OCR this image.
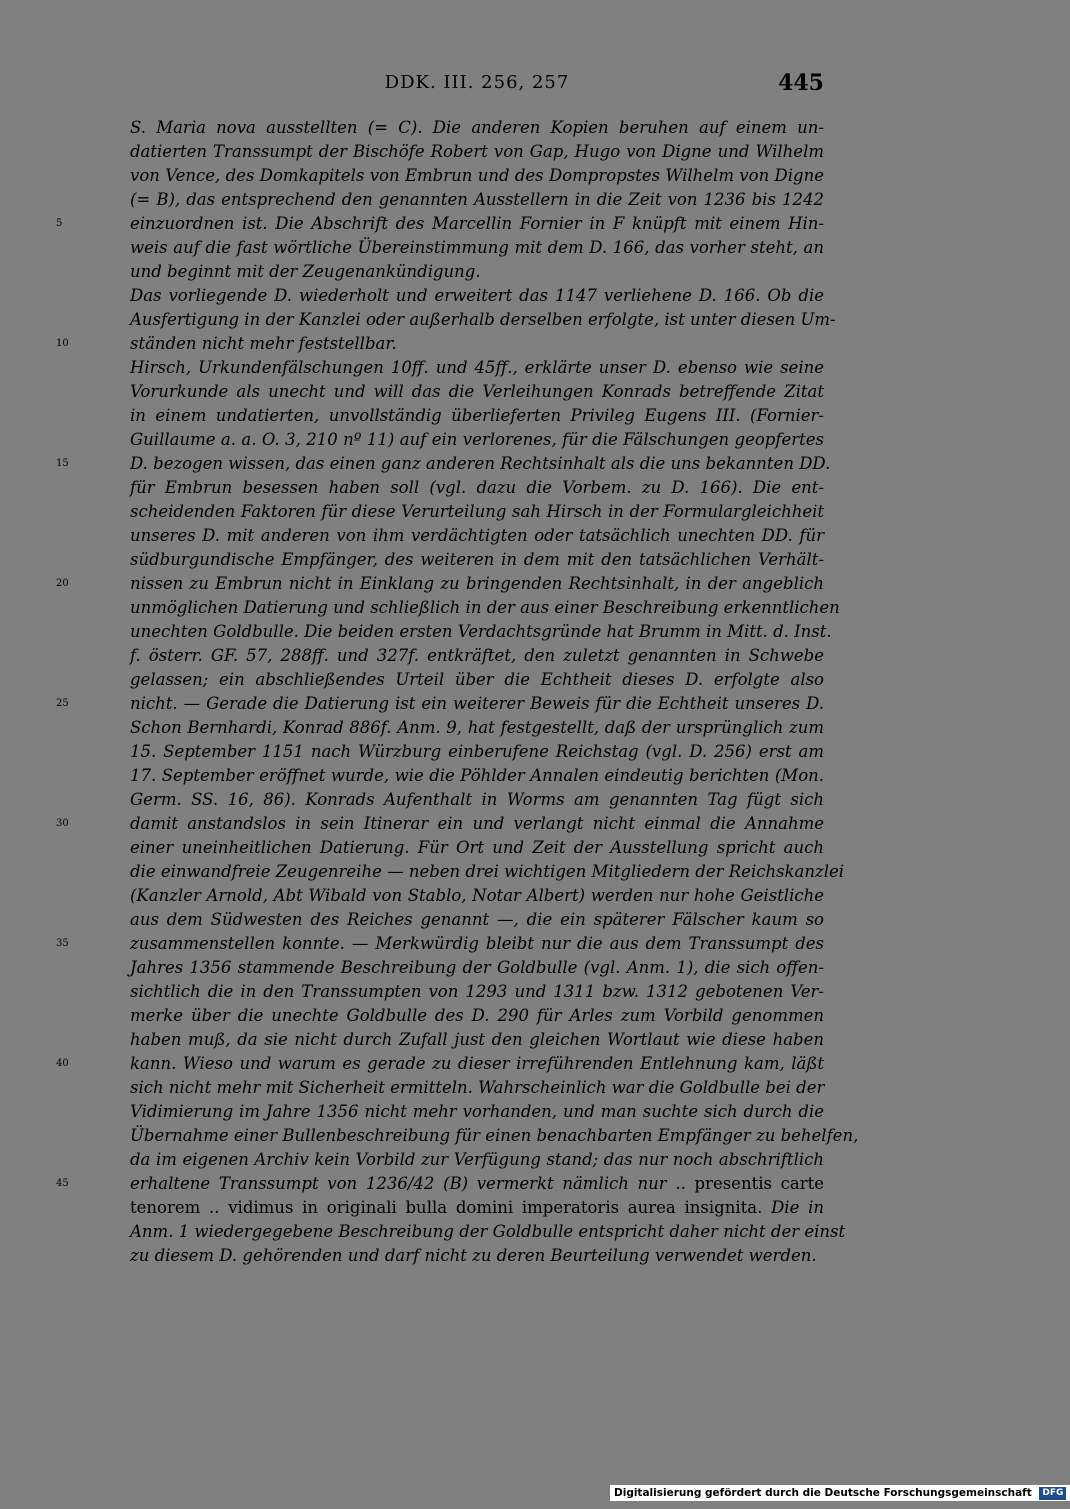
DDK. III. 256, 257	445
5
10
15
20
25
30
35
40
45
S. Maria nova ausstellten (= C). Die anderen Kopien beruhen auf einem un-
datierten Transsumpt der Bischöfe Robert von Gap, Hugo von Digne und Wilhelm
von Vence, des Domkapitels von Embrun und des Dompropstes Wilhelm von Digne
(= B), das entsprechend den genannten Ausstellern in die Zeit von 1236 bis 1242
einzuordnen ist. Die Abschrift des Marcellin Fornier in F knüpft mit einem Hin-
weis auf die fast wörtliche Übereinstimmung mit dem D. 166, das vorher steht, an
und beginnt mit der Zeugenankündigung.
Das vorliegende D. wiederholt und erweitert das 1147 verliehene D. 166. Ob die
Ausfertigung in der Kanzlei oder außerhalb derselben erfolgte, ist unter diesen Um-
ständen nicht mehr feststellbar.
Hirsch, Urkundenfälschungen 10ff. und 45ff., erklärte unser D. ebenso wie seine
Vorurkunde als unecht und will das die Verleihungen Konrads betreffende Zitat
in einem undatierten, unvollständig überlieferten Privileg Eugens III. (Fornier-
Guillaume a. a. O. 3, 210 nº 11) auf ein verlorenes, für die Fälschungen geopfertes
D. bezogen wissen, das einen ganz anderen Rechtsinhalt als die uns bekannten DD.
für Embrun besessen haben soll (vgl. dazu die Vorbem. zu D. 166). Die ent-
scheidenden Faktoren für diese Verurteilung sah Hirsch in der Formulargleichheit
unseres D. mit anderen von ihm verdächtigten oder tatsächlich unechten DD. für
südburgundische Empfänger, des weiteren in dem mit den tatsächlichen Verhält-
nissen zu Embrun nicht in Einklang zu bringenden Rechtsinhalt, in der angeblich
unmöglichen Datierung und schließlich in der aus einer Beschreibung erkenntlichen
unechten Goldbulle. Die beiden ersten Verdachtsgründe hat Brumm in Mitt. d. Inst.
f. österr. GF. 57, 288ff. und 327f. entkräftet, den zuletzt genannten in Schwebe
gelassen; ein abschließendes Urteil über die Echtheit dieses D. erfolgte also
nicht. — Gerade die Datierung ist ein weiterer Beweis für die Echtheit unseres D.
Schon Bernhardi, Konrad 886f. Anm. 9, hat festgestellt, daß der ursprünglich zum
15. September 1151 nach Würzburg einberufene Reichstag (vgl. D. 256) erst am
17. September eröffnet wurde, wie die Pöhlder Annalen eindeutig berichten (Mon.
Germ. SS. 16, 86). Konrads Aufenthalt in Worms am genannten Tag fügt sich
damit anstandslos in sein Itinerar ein und verlangt nicht einmal die Annahme
einer uneinheitlichen Datierung. Für Ort und Zeit der Ausstellung spricht auch
die einwandfreie Zeugenreihe — neben drei wichtigen Mitgliedern der Reichskanzlei
(Kanzler Arnold, Abt Wibald von Stablo, Notar Albert) werden nur hohe Geistliche
aus dem Südwesten des Reiches genannt —, die ein späterer Fälscher kaum so
zusammenstellen konnte. — Merkwürdig bleibt nur die aus dem Transsumpt des
Jahres 1356 stammende Beschreibung der Goldbulle (vgl. Anm. 1), die sich offen-
sichtlich die in den Transsumpten von 1293 und 1311 bzw. 1312 gebotenen Ver-
merke über die unechte Goldbulle des D. 290 für Arles zum Vorbild genommen
haben muß, da sie nicht durch Zufall just den gleichen Wortlaut wie diese haben
kann. Wieso und warum es gerade zu dieser irreführenden Entlehnung kam, läßt
sich nicht mehr mit Sicherheit ermitteln. Wahrscheinlich war die Goldbulle bei der
Vidimierung im Jahre 1356 nicht mehr vorhanden, und man suchte sich durch die
Übernahme einer Bullenbeschreibung für einen benachbarten Empfänger zu behelfen,
da im eigenen Archiv kein Vorbild zur Verfügung stand; das nur noch abschriftlich
erhaltene Transsumpt von 1236/42 (B) vermerkt nämlich nur .. presentis carte
tenorem .. vidimus in originali bulla domini imperatoris aurea insignita. Die in
Anm. 1 wiedergegebene Beschreibung der Goldbulle entspricht daher nicht der einst
zu diesem D. gehörenden und darf nicht zu deren Beurteilung verwendet werden.
Digitalisierung gefördert durch die Deutsche Forschungsgemeinschaft DFG
